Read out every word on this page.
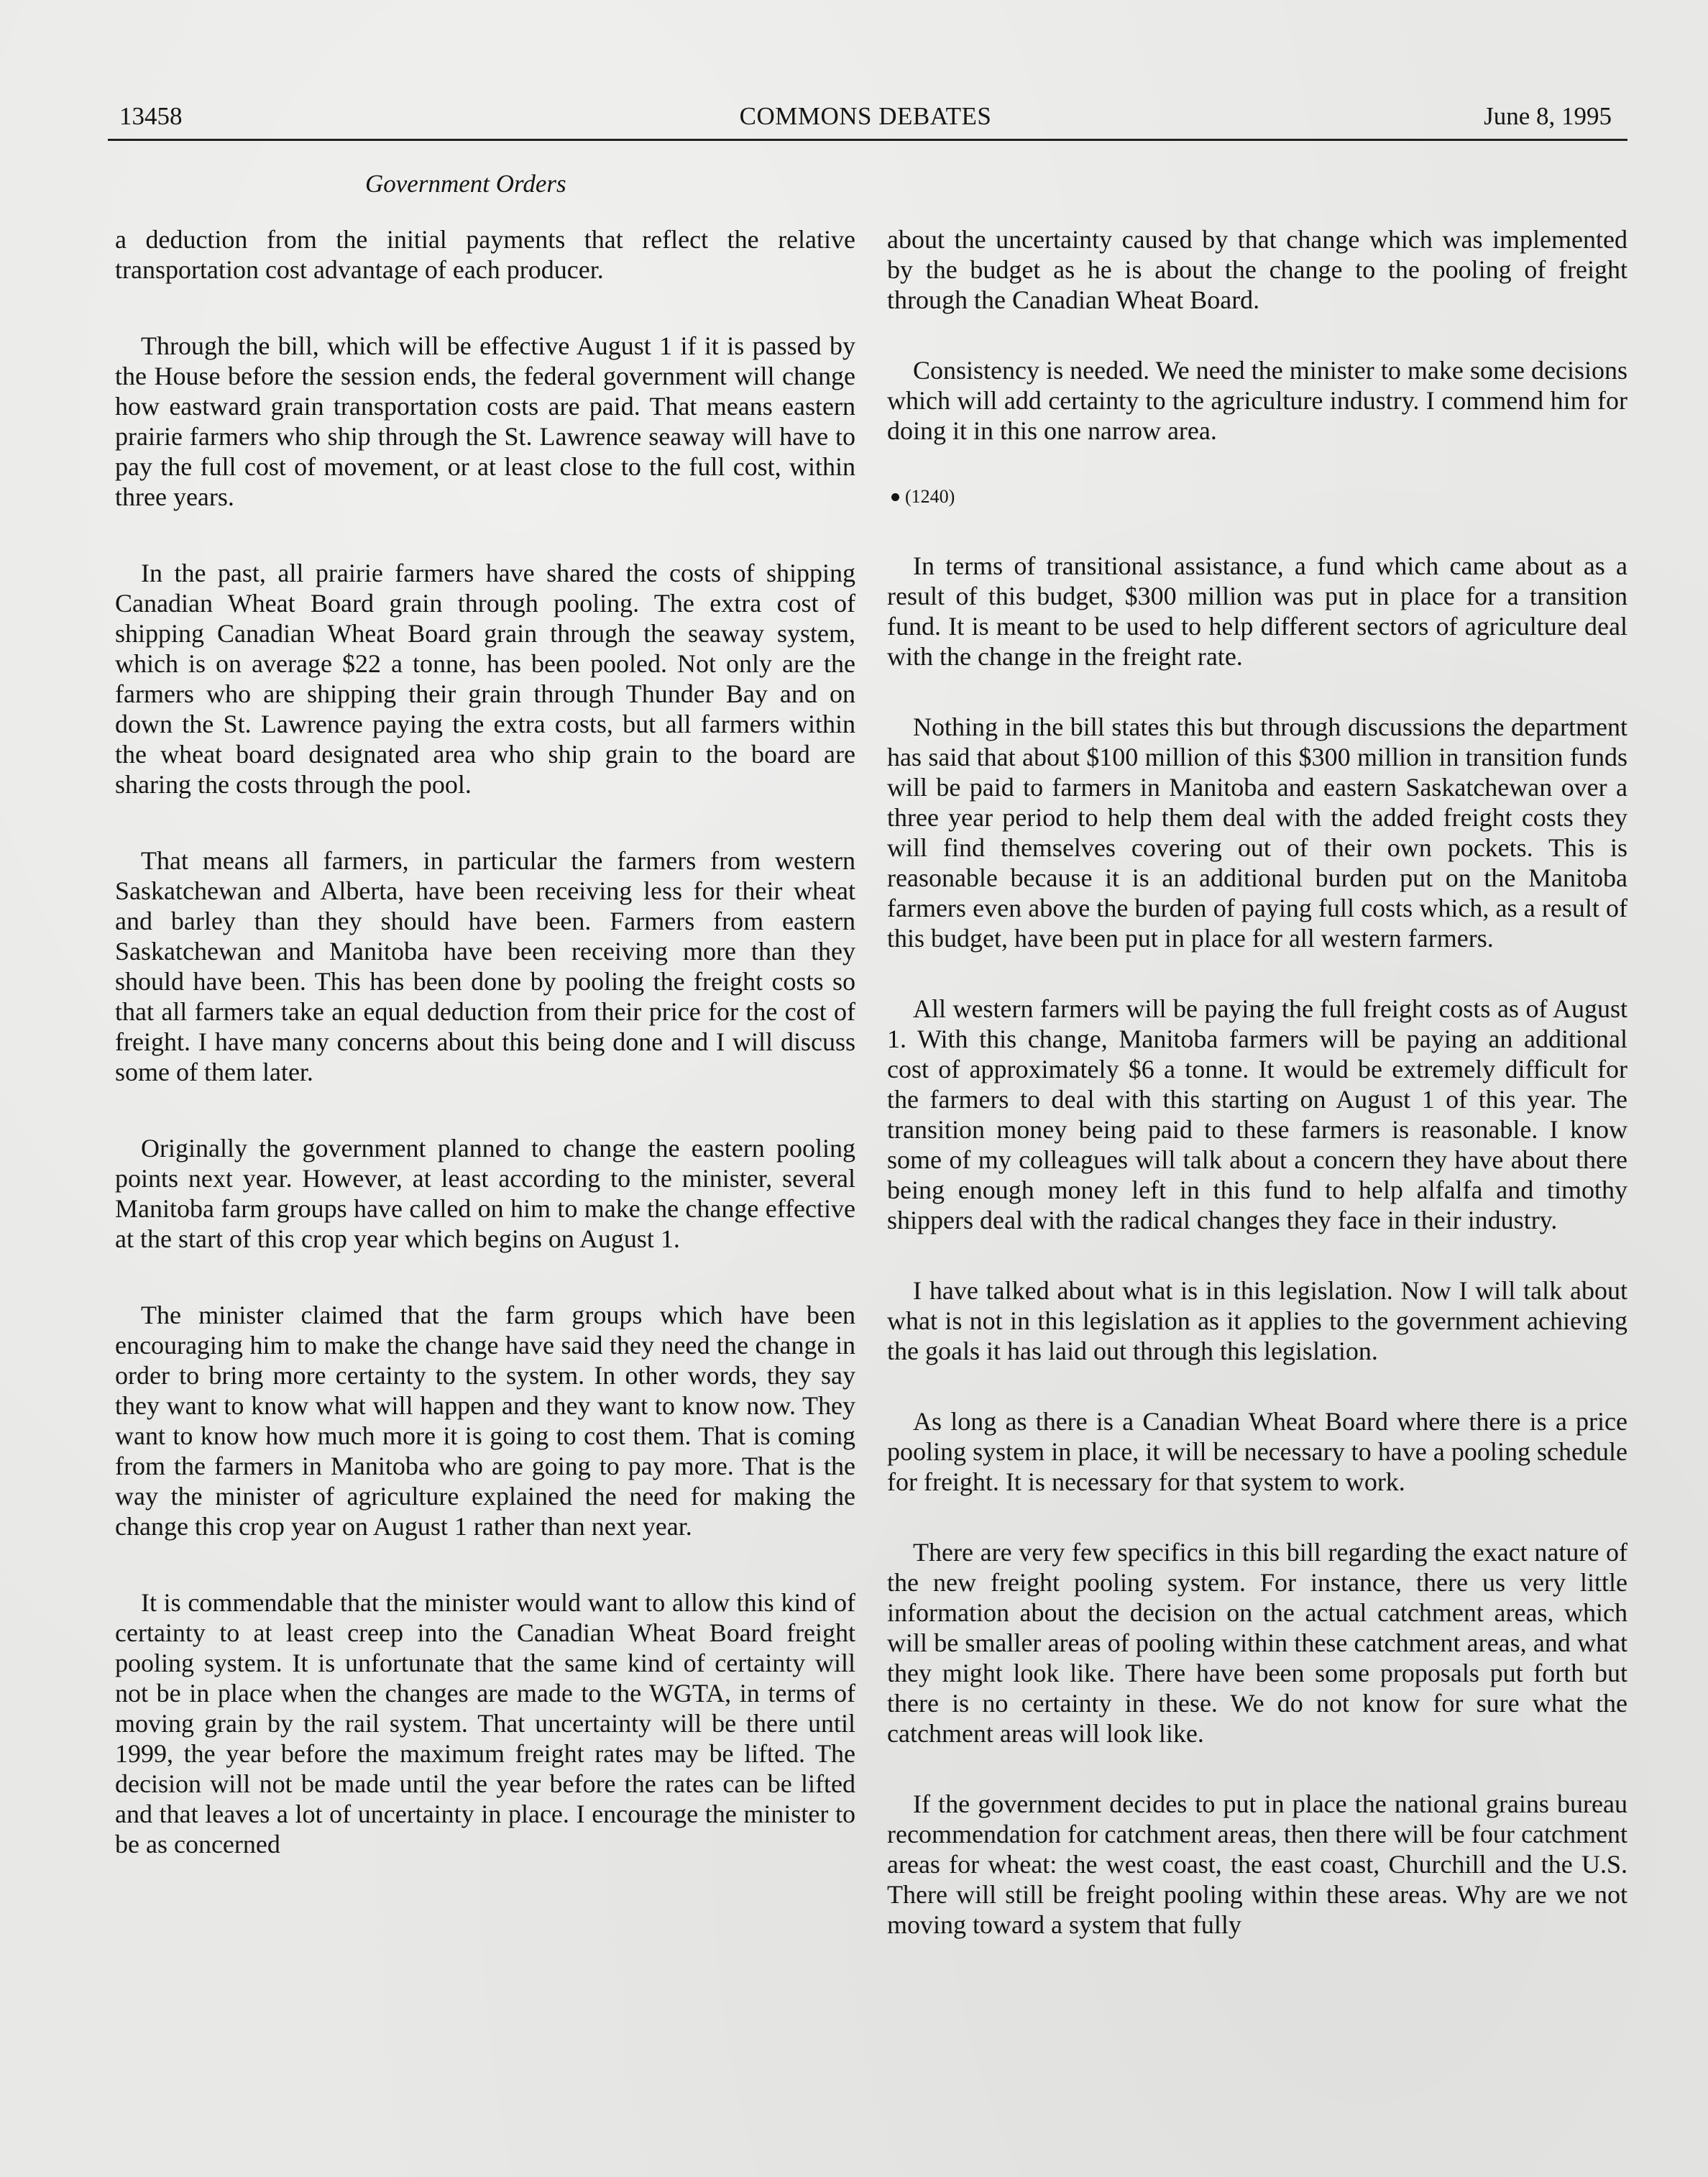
13458	COMMONS DEBATES	June 8, 1995
Government Orders

a deduction from the initial payments that reflect the relative transportation cost advantage of each producer.

Through the bill, which will be effective August 1 if it is passed by the House before the session ends, the federal government will change how eastward grain transportation costs are paid. That means eastern prairie farmers who ship through the St. Lawrence seaway will have to pay the full cost of movement, or at least close to the full cost, within three years.

In the past, all prairie farmers have shared the costs of shipping Canadian Wheat Board grain through pooling. The extra cost of shipping Canadian Wheat Board grain through the seaway system, which is on average $22 a tonne, has been pooled. Not only are the farmers who are shipping their grain through Thunder Bay and on down the St. Lawrence paying the extra costs, but all farmers within the wheat board designated area who ship grain to the board are sharing the costs through the pool.

That means all farmers, in particular the farmers from western Saskatchewan and Alberta, have been receiving less for their wheat and barley than they should have been. Farmers from eastern Saskatchewan and Manitoba have been receiving more than they should have been. This has been done by pooling the freight costs so that all farmers take an equal deduction from their price for the cost of freight. I have many concerns about this being done and I will discuss some of them later.

Originally the government planned to change the eastern pooling points next year. However, at least according to the minister, several Manitoba farm groups have called on him to make the change effective at the start of this crop year which begins on August 1.

The minister claimed that the farm groups which have been encouraging him to make the change have said they need the change in order to bring more certainty to the system. In other words, they say they want to know what will happen and they want to know now. They want to know how much more it is going to cost them. That is coming from the farmers in Manitoba who are going to pay more. That is the way the minister of agriculture explained the need for making the change this crop year on August 1 rather than next year.

It is commendable that the minister would want to allow this kind of certainty to at least creep into the Canadian Wheat Board freight pooling system. It is unfortunate that the same kind of certainty will not be in place when the changes are made to the WGTA, in terms of moving grain by the rail system. That uncertainty will be there until 1999, the year before the maximum freight rates may be lifted. The decision will not be made until the year before the rates can be lifted and that leaves a lot of uncertainty in place. I encourage the minister to be as concerned

about the uncertainty caused by that change which was implemented by the budget as he is about the change to the pooling of freight through the Canadian Wheat Board.

Consistency is needed. We need the minister to make some decisions which will add certainty to the agriculture industry. I commend him for doing it in this one narrow area.

(1240)

In terms of transitional assistance, a fund which came about as a result of this budget, $300 million was put in place for a transition fund. It is meant to be used to help different sectors of agriculture deal with the change in the freight rate.

Nothing in the bill states this but through discussions the department has said that about $100 million of this $300 million in transition funds will be paid to farmers in Manitoba and eastern Saskatchewan over a three year period to help them deal with the added freight costs they will find themselves covering out of their own pockets. This is reasonable because it is an additional burden put on the Manitoba farmers even above the burden of paying full costs which, as a result of this budget, have been put in place for all western farmers.

All western farmers will be paying the full freight costs as of August 1. With this change, Manitoba farmers will be paying an additional cost of approximately $6 a tonne. It would be extremely difficult for the farmers to deal with this starting on August 1 of this year. The transition money being paid to these farmers is reasonable. I know some of my colleagues will talk about a concern they have about there being enough money left in this fund to help alfalfa and timothy shippers deal with the radical changes they face in their industry.

I have talked about what is in this legislation. Now I will talk about what is not in this legislation as it applies to the government achieving the goals it has laid out through this legislation.

As long as there is a Canadian Wheat Board where there is a price pooling system in place, it will be necessary to have a pooling schedule for freight. It is necessary for that system to work.

There are very few specifics in this bill regarding the exact nature of the new freight pooling system. For instance, there us very little information about the decision on the actual catchment areas, which will be smaller areas of pooling within these catchment areas, and what they might look like. There have been some proposals put forth but there is no certainty in these. We do not know for sure what the catchment areas will look like.

If the government decides to put in place the national grains bureau recommendation for catchment areas, then there will be four catchment areas for wheat: the west coast, the east coast, Churchill and the U.S. There will still be freight pooling within these areas. Why are we not moving toward a system that fully
